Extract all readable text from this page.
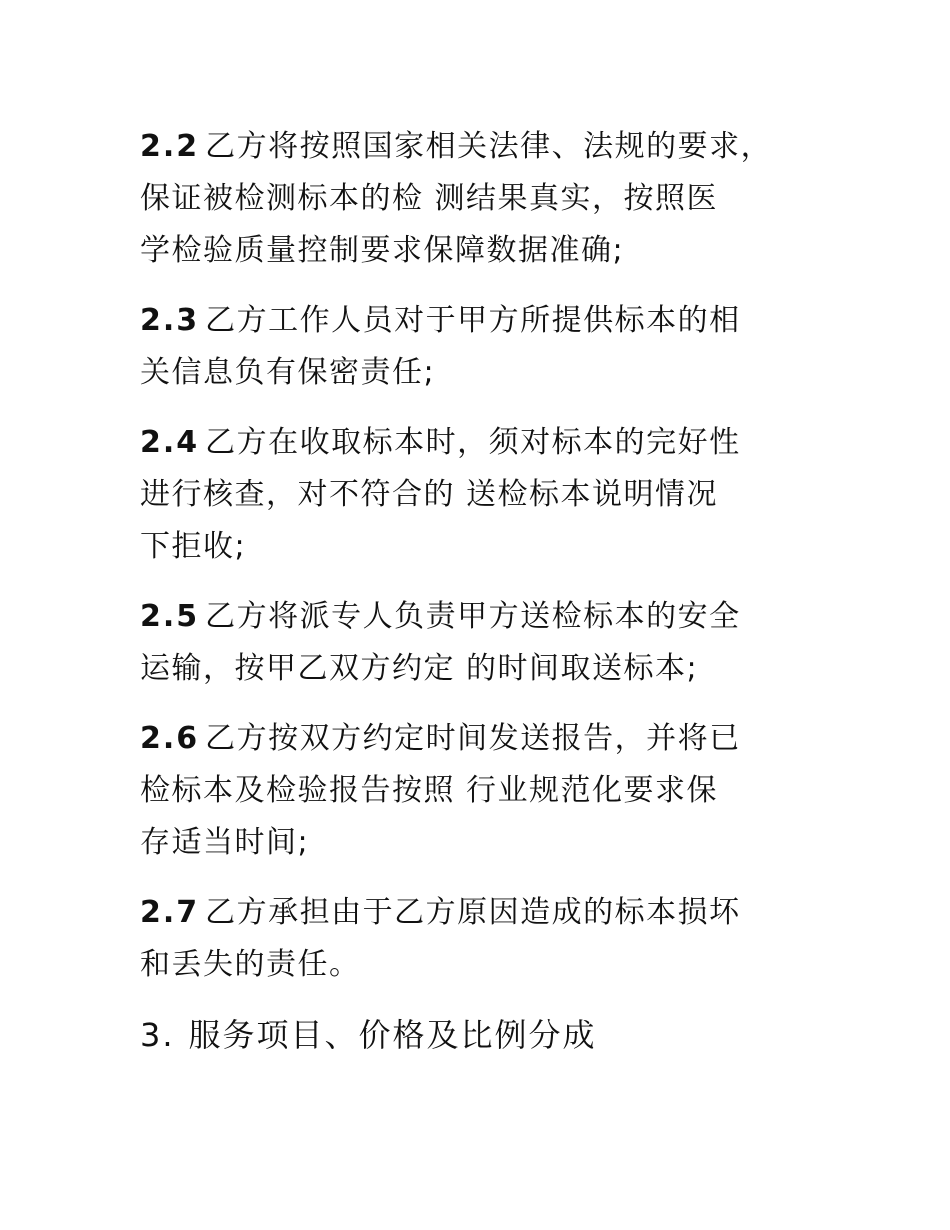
2.2 乙方将按照国家相关法律、法规的要求，
保证被检测标本的检 测结果真实，按照医
学检验质量控制要求保障数据准确;

2.3 乙方工作人员对于甲方所提供标本的相
关信息负有保密责任;

2.4 乙方在收取标本时，须对标本的完好性
进行核查，对不符合的 送检标本说明情况
下拒收;

2.5 乙方将派专人负责甲方送检标本的安全
运输，按甲乙双方约定 的时间取送标本;

2.6 乙方按双方约定时间发送报告，并将已
检标本及检验报告按照 行业规范化要求保
存适当时间;

2.7 乙方承担由于乙方原因造成的标本损坏
和丢失的责任。

3. 服务项目、价格及比例分成
